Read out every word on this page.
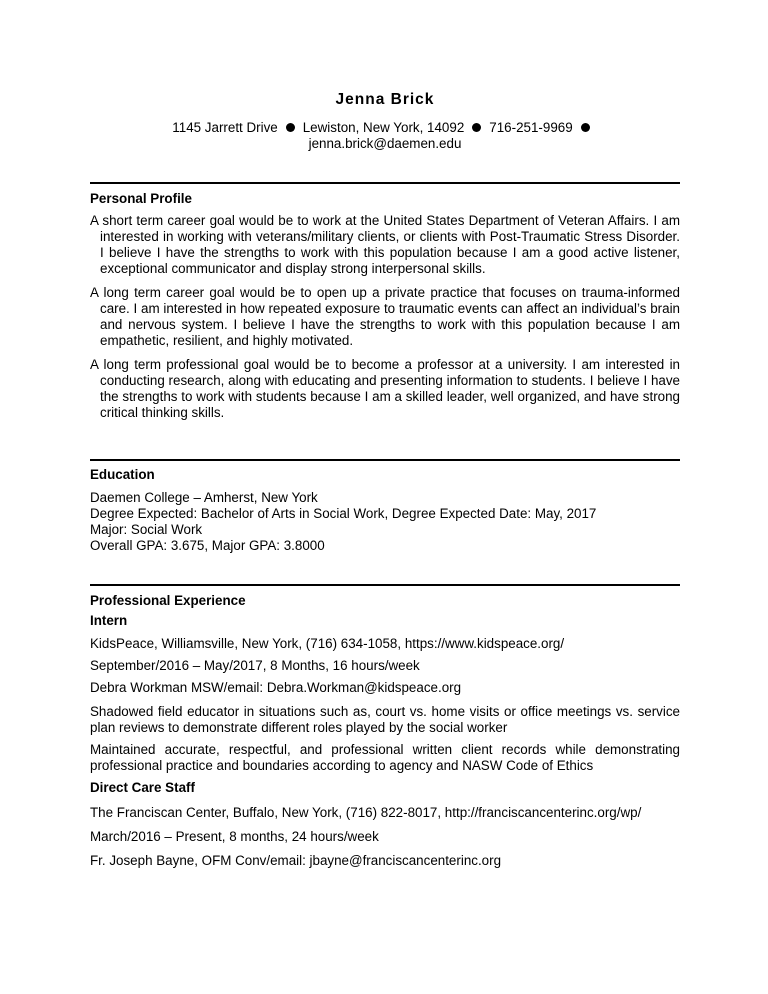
Jenna Brick
1145 Jarrett Drive Lewiston, New York, 14092 716-251-9969
jenna.brick@daemen.edu
Personal Profile
A short term career goal would be to work at the United States Department of Veteran Affairs. I am interested in working with veterans/military clients, or clients with Post-Traumatic Stress Disorder. I believe I have the strengths to work with this population because I am a good active listener, exceptional communicator and display strong interpersonal skills.
A long term career goal would be to open up a private practice that focuses on trauma-informed care. I am interested in how repeated exposure to traumatic events can affect an individual’s brain and nervous system. I believe I have the strengths to work with this population because I am empathetic, resilient, and highly motivated.
A long term professional goal would be to become a professor at a university. I am interested in conducting research, along with educating and presenting information to students. I believe I have the strengths to work with students because I am a skilled leader, well organized, and have strong critical thinking skills.
Education
Daemen College – Amherst, New York
Degree Expected: Bachelor of Arts in Social Work, Degree Expected Date: May, 2017
Major: Social Work
Overall GPA: 3.675, Major GPA: 3.8000
Professional Experience
Intern
KidsPeace, Williamsville, New York, (716) 634-1058, https://www.kidspeace.org/
September/2016 – May/2017, 8 Months, 16 hours/week
Debra Workman MSW/email: Debra.Workman@kidspeace.org
Shadowed field educator in situations such as, court vs. home visits or office meetings vs. service plan reviews to demonstrate different roles played by the social worker
Maintained accurate, respectful, and professional written client records while demonstrating professional practice and boundaries according to agency and NASW Code of Ethics
Direct Care Staff
The Franciscan Center, Buffalo, New York, (716) 822-8017, http://franciscancenterinc.org/wp/
March/2016 – Present, 8 months, 24 hours/week
Fr. Joseph Bayne, OFM Conv/email: jbayne@franciscancenterinc.org
